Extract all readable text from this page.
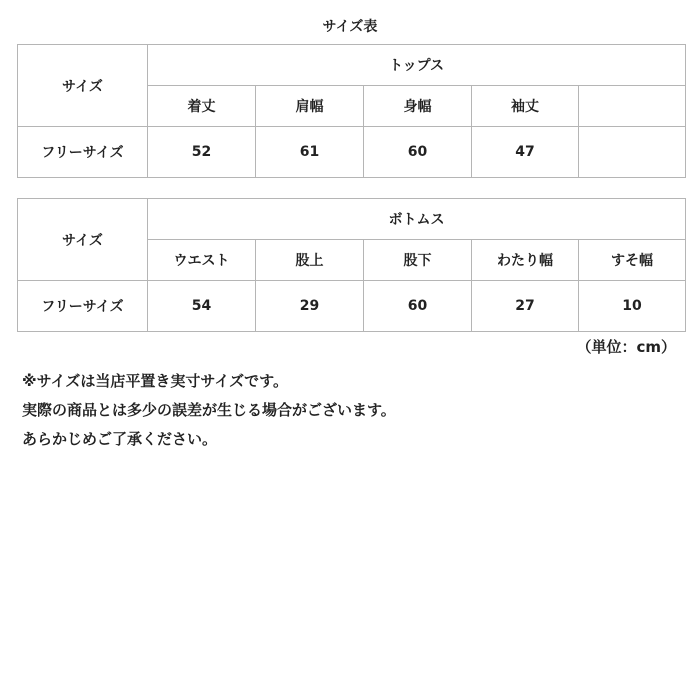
サイズ表
サイズ	トップス				
	着丈	肩幅	身幅	袖丈	
フリーサイズ	52	61	60	47	
サイズ	ボトムス				
	ウエスト	股上	股下	わたり幅	すそ幅
フリーサイズ	54	29	60	27	10
（単位：cm）
※サイズは当店平置き実寸サイズです。
実際の商品とは多少の誤差が生じる場合がございます。
あらかじめご了承ください。
